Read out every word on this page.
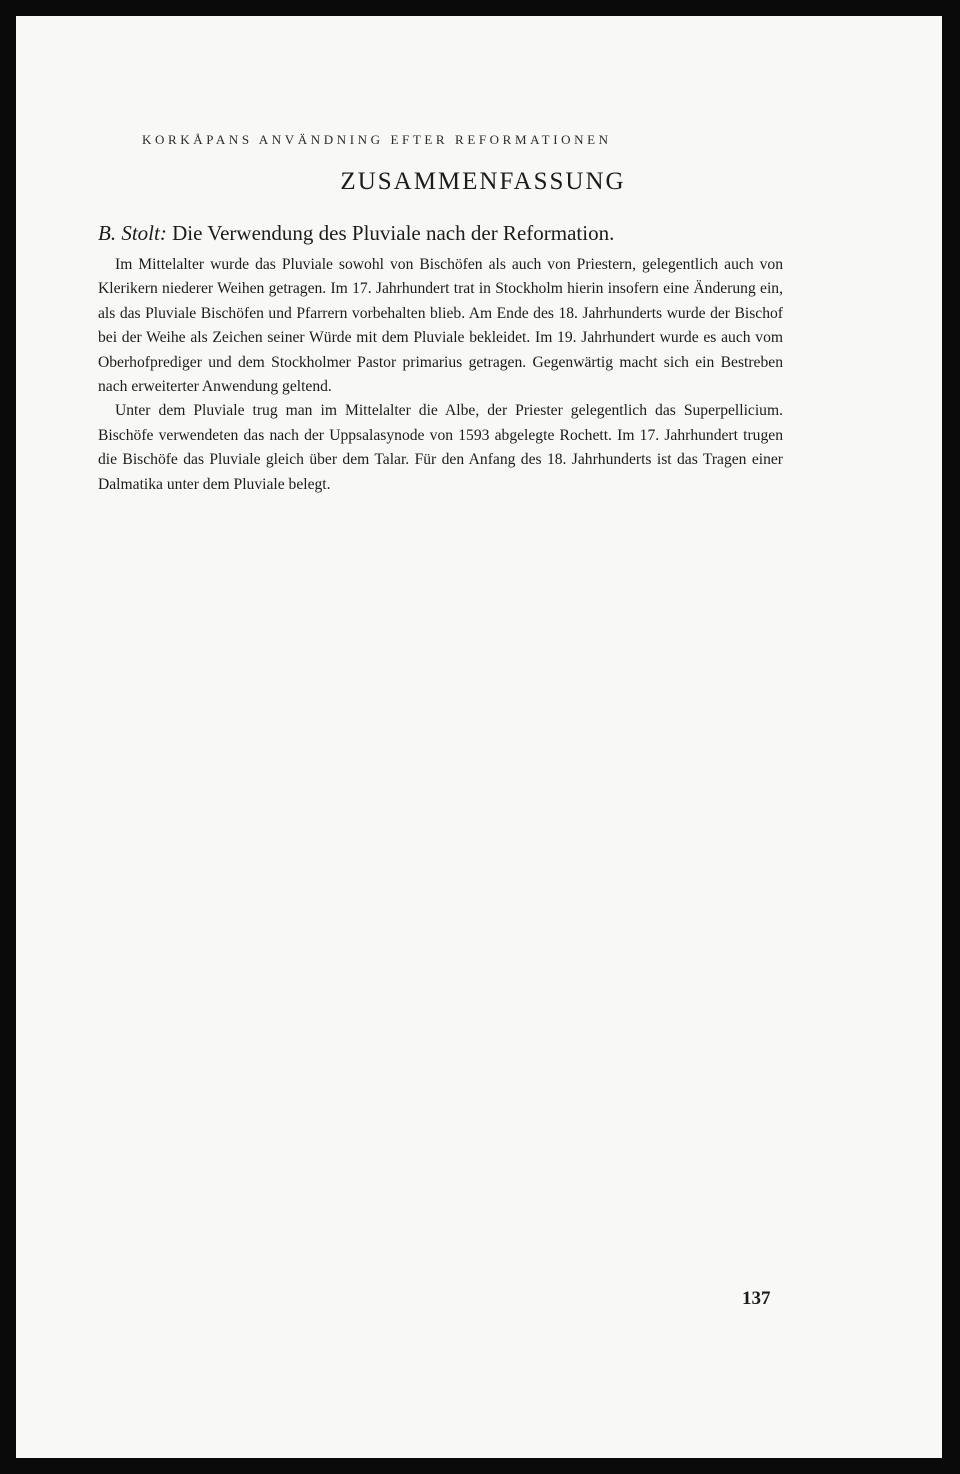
KORKÅPANS ANVÄNDNING EFTER REFORMATIONEN
ZUSAMMENFASSUNG
B. Stolt: Die Verwendung des Pluviale nach der Reformation.

Im Mittelalter wurde das Pluviale sowohl von Bischöfen als auch von Priestern, gelegentlich auch von Klerikern niederer Weihen getragen. Im 17. Jahrhundert trat in Stockholm hierin insofern eine Änderung ein, als das Pluviale Bischöfen und Pfarrern vorbehalten blieb. Am Ende des 18. Jahrhunderts wurde der Bischof bei der Weihe als Zeichen seiner Würde mit dem Pluviale bekleidet. Im 19. Jahrhundert wurde es auch vom Oberhofprediger und dem Stockholmer Pastor primarius getragen. Gegenwärtig macht sich ein Bestreben nach erweiterter Anwendung geltend.

Unter dem Pluviale trug man im Mittelalter die Albe, der Priester gelegentlich das Superpellicium. Bischöfe verwendeten das nach der Uppsalasynode von 1593 abgelegte Rochett. Im 17. Jahrhundert trugen die Bischöfe das Pluviale gleich über dem Talar. Für den Anfang des 18. Jahrhunderts ist das Tragen einer Dalmatika unter dem Pluviale belegt.

137
